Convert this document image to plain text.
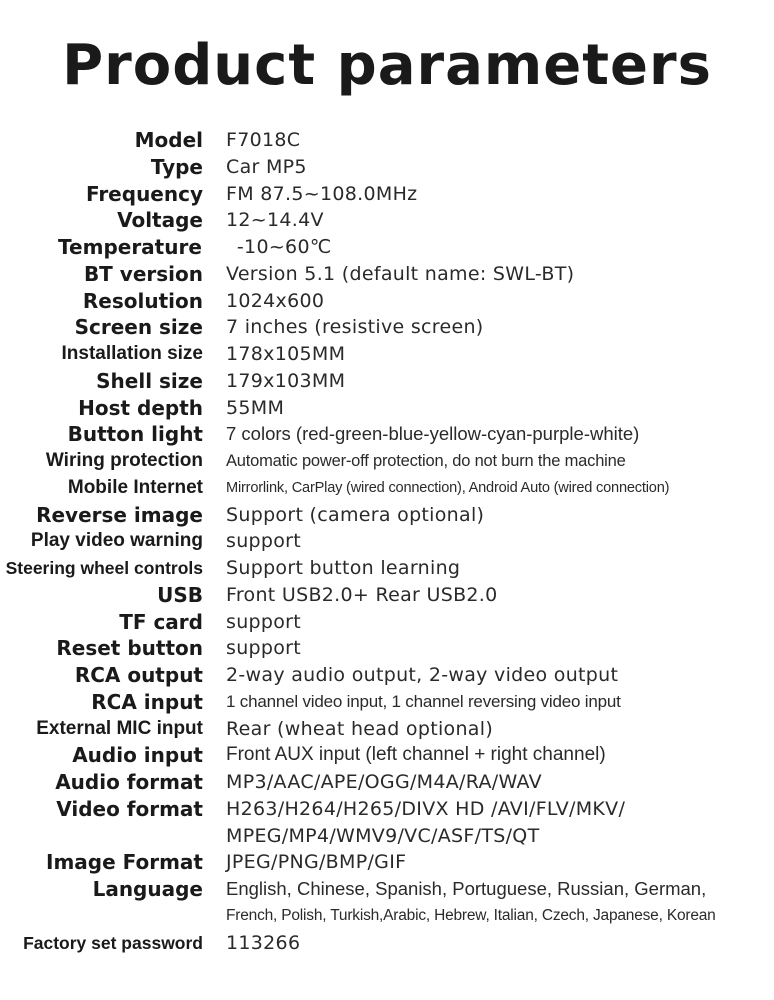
Product parameters
Model F7018C
Type Car MP5
Frequency FM 87.5~108.0MHz
Voltage 12~14.4V
Temperature	-10~60℃
BT version Version 5.1 (default name: SWL-BT)
Resolution 1024x600
Screen size 7 inches (resistive screen)
Installation size 178x105MM
Shell size 179x103MM
Host depth 55MM
Button light 7 colors (red-green-blue-yellow-cyan-purple-white)
Wiring protection Automatic power-off protection, do not burn the machine
Mobile Internet Mirrorlink, CarPlay (wired connection), Android Auto (wired connection)
Reverse image Support (camera optional)
Play video warning support
Steering wheel controls Support button learning
USB Front USB2.0+ Rear USB2.0
TF card support
Reset button support
RCA output 2-way audio output, 2-way video output
RCA input 1 channel video input, 1 channel reversing video input
External MIC input Rear (wheat head optional)
Audio input Front AUX input (left channel + right channel)
Audio format MP3/AAC/APE/OGG/M4A/RA/WAV
Video format H263/H264/H265/DIVX HD /AVI/FLV/MKV/
MPEG/MP4/WMV9/VC/ASF/TS/QT
Image Format JPEG/PNG/BMP/GIF
Language English, Chinese, Spanish, Portuguese, Russian, German,
French, Polish, Turkish,Arabic, Hebrew, Italian, Czech, Japanese, Korean
Factory set password 113266
